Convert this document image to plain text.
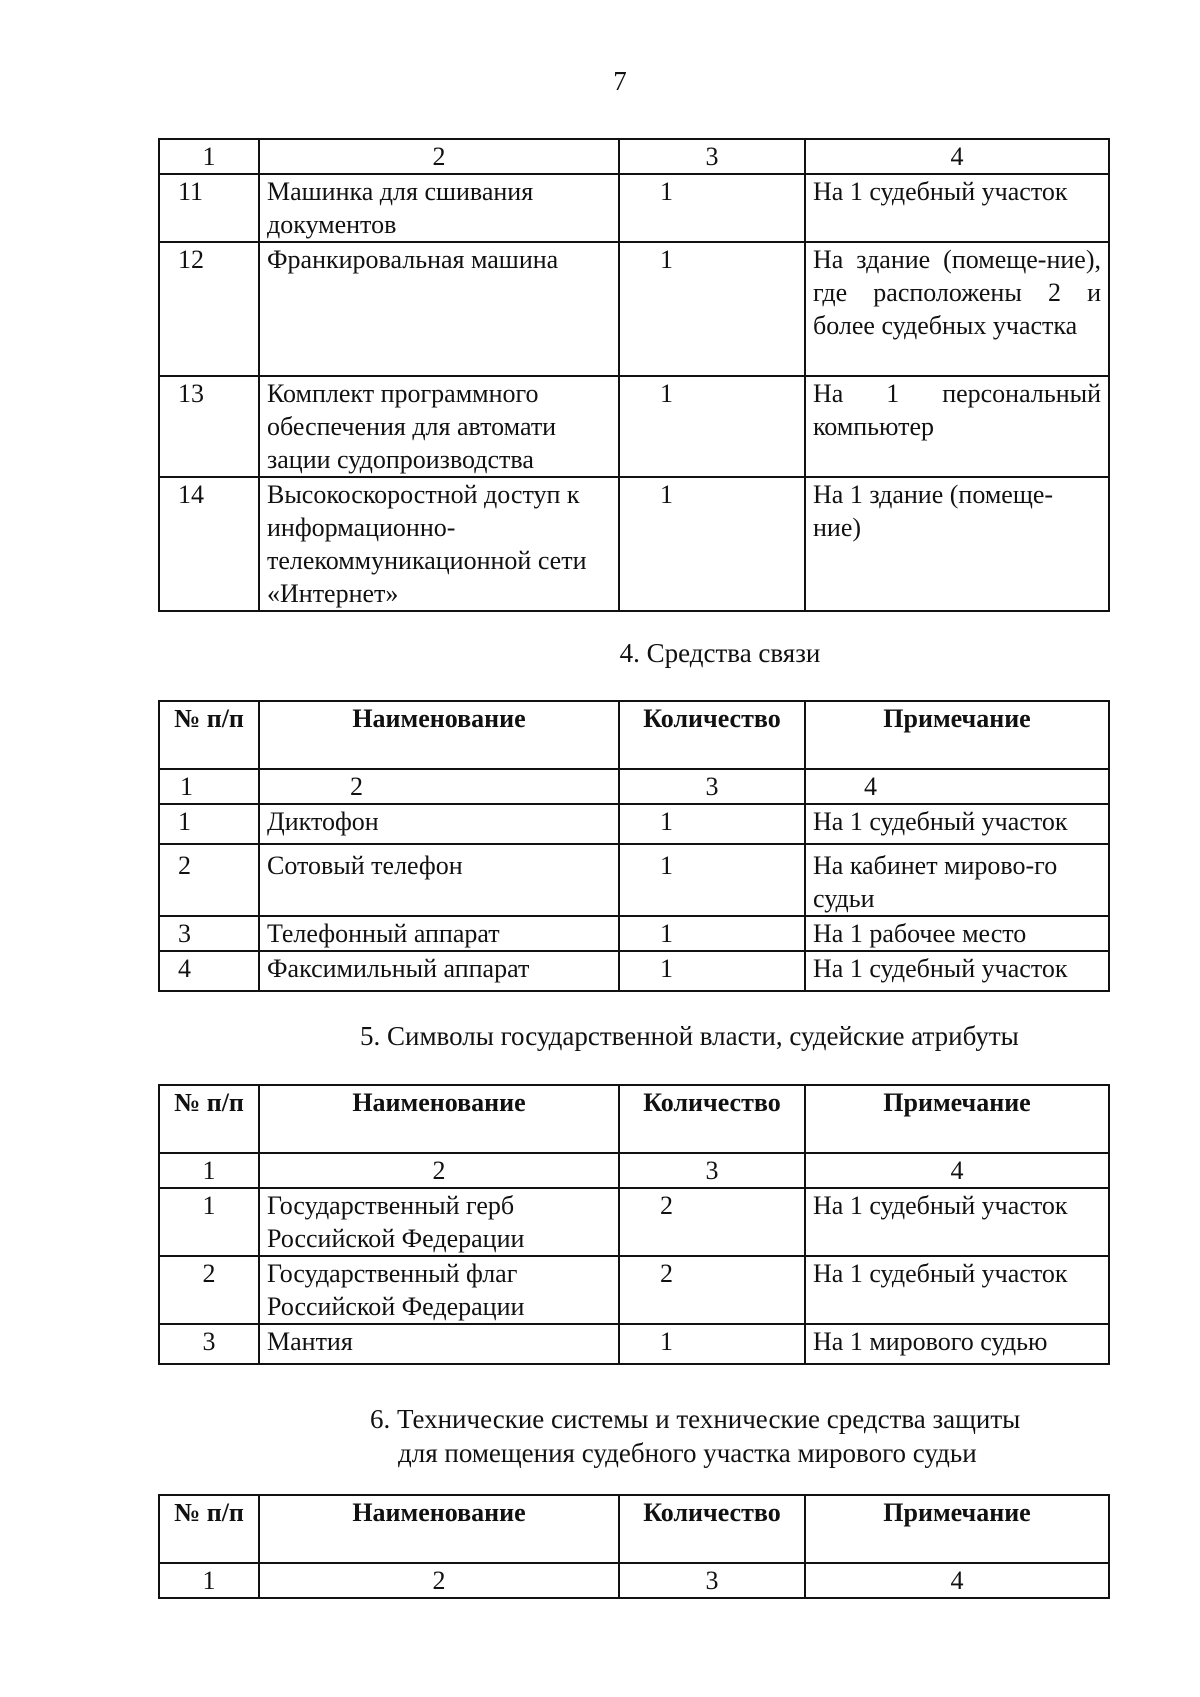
7
1	2	3	4
11	Машинка для сшивания документов	1	На 1 судебный участок
12	Франкировальная машина	1	На здание (помеще-ние), где расположены 2 и более судебных участка
13	Комплект программного обеспечения для автомати зации судопроизводства	1	На 1 персональный компьютер
14	Высокоскоростной доступ к информационно-телекоммуникационной сети «Интернет»	1	На 1 здание (помеще-ние)
4. Средства связи
№ п/п	Наименование	Количество	Примечание
1	2	3	4
1	Диктофон	1	На 1 судебный участок
2	Сотовый телефон	1	На кабинет мирово-го судьи
3	Телефонный аппарат	1	На 1 рабочее место
4	Факсимильный аппарат	1	На 1 судебный участок
5. Символы государственной власти, судейские атрибуты
№ п/п	Наименование	Количество	Примечание
1	2	3	4
1	Государственный герб Российской Федерации	2	На 1 судебный участок
2	Государственный флаг Российской Федерации	2	На 1 судебный участок
3	Мантия	1	На 1 мирового судью
6. Технические системы и технические средства защиты
для помещения судебного участка мирового судьи
№ п/п	Наименование	Количество	Примечание
1	2	3	4
